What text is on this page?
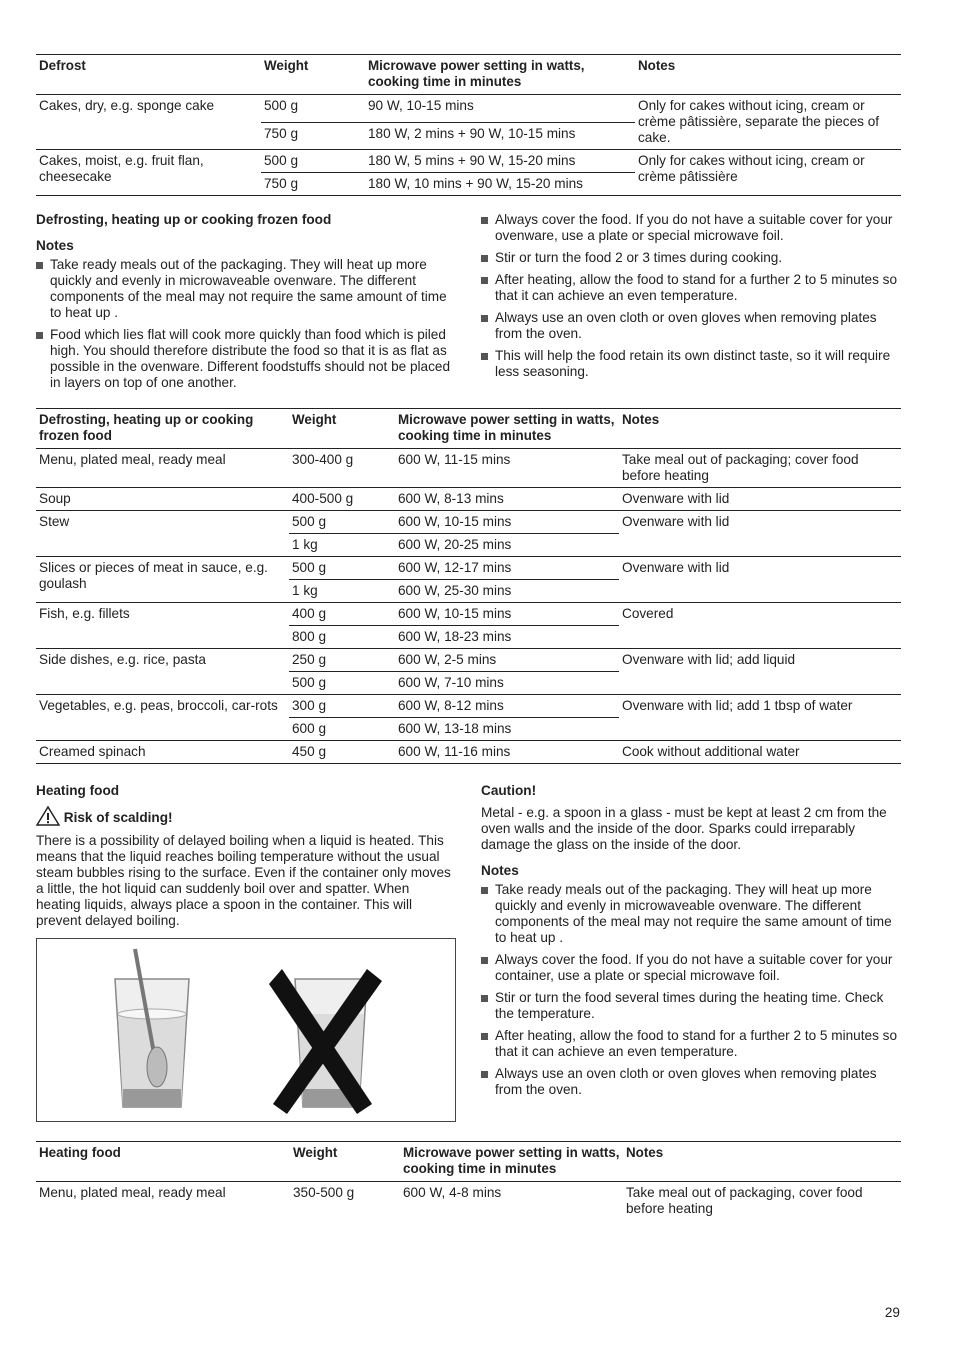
Defrost	Weight	Microwave power setting in watts, cooking time in minutes	Notes
Cakes, dry, e.g. sponge cake	500 g	90 W, 10-15 mins	Only for cakes without icing, cream or crème pâtissière, separate the pieces of cake.
	750 g	180 W, 2 mins + 90 W, 10-15 mins	
Cakes, moist, e.g. fruit flan, cheesecake	500 g	180 W, 5 mins + 90 W, 15-20 mins	Only for cakes without icing, cream or crème pâtissière
	750 g	180 W, 10 mins + 90 W, 15-20 mins	
Defrosting, heating up or cooking frozen food
Notes
Take ready meals out of the packaging. They will heat up more quickly and evenly in microwaveable ovenware. The different components of the meal may not require the same amount of time to heat up .
Food which lies flat will cook more quickly than food which is piled high. You should therefore distribute the food so that it is as flat as possible in the ovenware. Different foodstuffs should not be placed in layers on top of one another.
Always cover the food. If you do not have a suitable cover for your ovenware, use a plate or special microwave foil.
Stir or turn the food 2 or 3 times during cooking.
After heating, allow the food to stand for a further 2 to 5 minutes so that it can achieve an even temperature.
Always use an oven cloth or oven gloves when removing plates from the oven.
This will help the food retain its own distinct taste, so it will require less seasoning.
Defrosting, heating up or cooking frozen food	Weight	Microwave power setting in watts, cooking time in minutes	Notes
Menu, plated meal, ready meal	300-400 g	600 W, 11-15 mins	Take meal out of packaging; cover food before heating
Soup	400-500 g	600 W, 8-13 mins	Ovenware with lid
Stew	500 g	600 W, 10-15 mins	Ovenware with lid
	1 kg	600 W, 20-25 mins	
Slices or pieces of meat in sauce, e.g. goulash	500 g	600 W, 12-17 mins	Ovenware with lid
	1 kg	600 W, 25-30 mins	
Fish, e.g. fillets	400 g	600 W, 10-15 mins	Covered
	800 g	600 W, 18-23 mins	
Side dishes, e.g. rice, pasta	250 g	600 W, 2-5 mins	Ovenware with lid; add liquid
	500 g	600 W, 7-10 mins	
Vegetables, e.g. peas, broccoli, car-rots	300 g	600 W, 8-12 mins	Ovenware with lid; add 1 tbsp of water
	600 g	600 W, 13-18 mins	
Creamed spinach	450 g	600 W, 11-16 mins	Cook without additional water
Heating food
Risk of scalding!

There is a possibility of delayed boiling when a liquid is heated. This means that the liquid reaches boiling temperature without the usual steam bubbles rising to the surface. Even if the container only moves a little, the hot liquid can suddenly boil over and spatter. When heating liquids, always place a spoon in the container. This will prevent delayed boiling.

Caution!

Metal - e.g. a spoon in a glass - must be kept at least 2 cm from the oven walls and the inside of the door. Sparks could irreparably damage the glass on the inside of the door.

Notes
Take ready meals out of the packaging. They will heat up more quickly and evenly in microwaveable ovenware. The different components of the meal may not require the same amount of time to heat up .
Always cover the food. If you do not have a suitable cover for your container, use a plate or special microwave foil.
Stir or turn the food several times during the heating time. Check the temperature.
After heating, allow the food to stand for a further 2 to 5 minutes so that it can achieve an even temperature.
Always use an oven cloth or oven gloves when removing plates from the oven.
Heating food	Weight	Microwave power setting in watts, cooking time in minutes	Notes
Menu, plated meal, ready meal	350-500 g	600 W, 4-8 mins	Take meal out of packaging, cover food before heating
29
